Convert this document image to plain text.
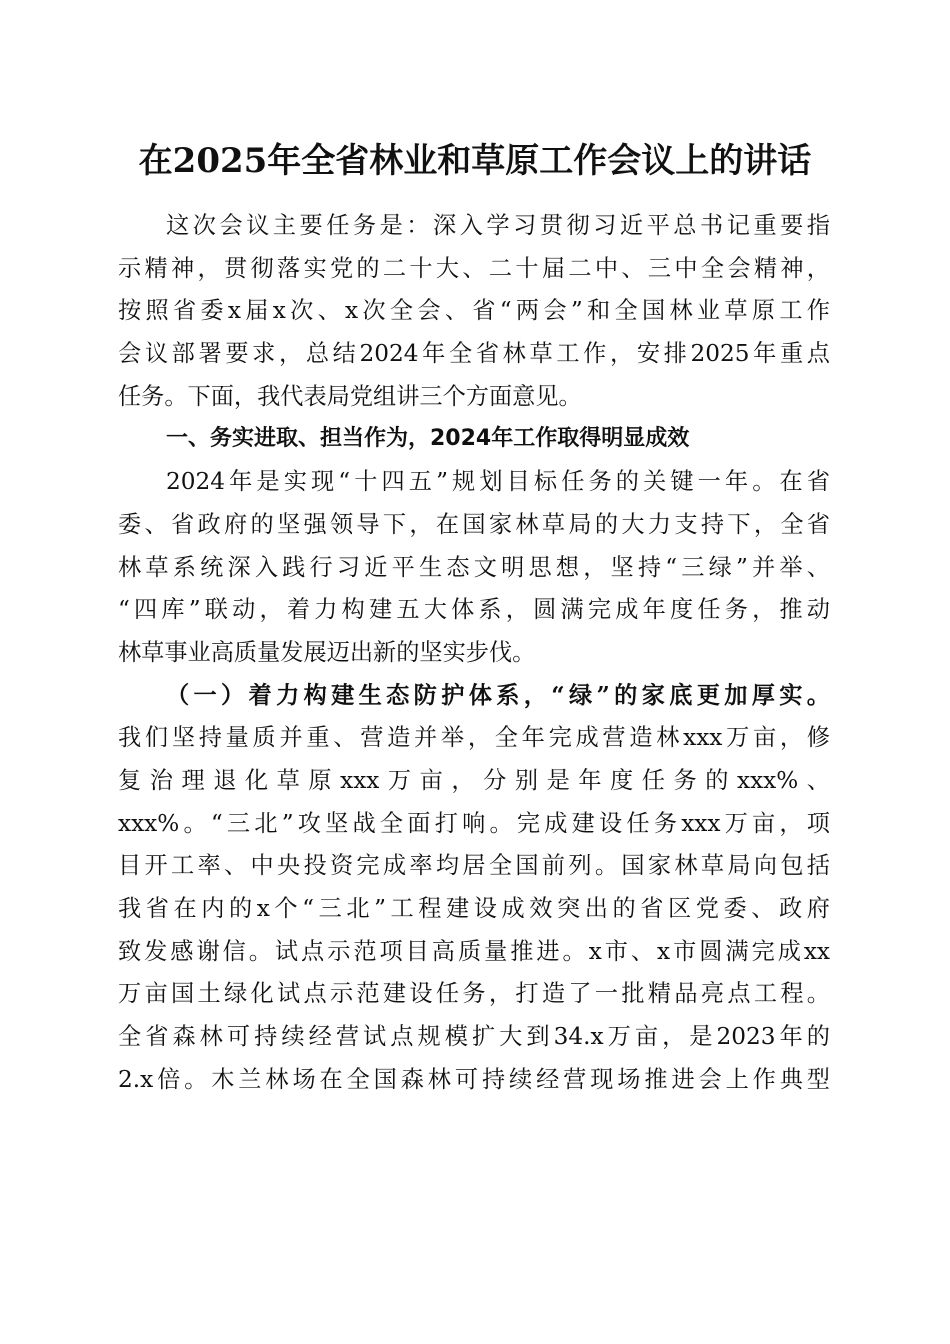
在2025年全省林业和草原工作会议上的讲话
这次会议主要任务是：深入学习贯彻习近平总书记重要指
示精神，贯彻落实党的二十大、二十届二中、三中全会精神，
按照省委x届x次、x次全会、省“两会”和全国林业草原工作
会议部署要求，总结2024年全省林草工作，安排2025年重点
任务。下面，我代表局党组讲三个方面意见。
一、务实进取、担当作为，2024年工作取得明显成效
2024年是实现“十四五”规划目标任务的关键一年。在省
委、省政府的坚强领导下，在国家林草局的大力支持下，全省
林草系统深入践行习近平生态文明思想，坚持“三绿”并举、
“四库”联动，着力构建五大体系，圆满完成年度任务，推动
林草事业高质量发展迈出新的坚实步伐。
（一）着力构建生态防护体系，“绿”的家底更加厚实。
我们坚持量质并重、营造并举，全年完成营造林xxx万亩，修
复治理退化草原xxx万亩，分别是年度任务的xxx%、
xxx%。“三北”攻坚战全面打响。完成建设任务xxx万亩，项
目开工率、中央投资完成率均居全国前列。国家林草局向包括
我省在内的x个“三北”工程建设成效突出的省区党委、政府
致发感谢信。试点示范项目高质量推进。x市、x市圆满完成xx
万亩国土绿化试点示范建设任务，打造了一批精品亮点工程。
全省森林可持续经营试点规模扩大到34.x万亩，是2023年的
2.x倍。木兰林场在全国森林可持续经营现场推进会上作典型
